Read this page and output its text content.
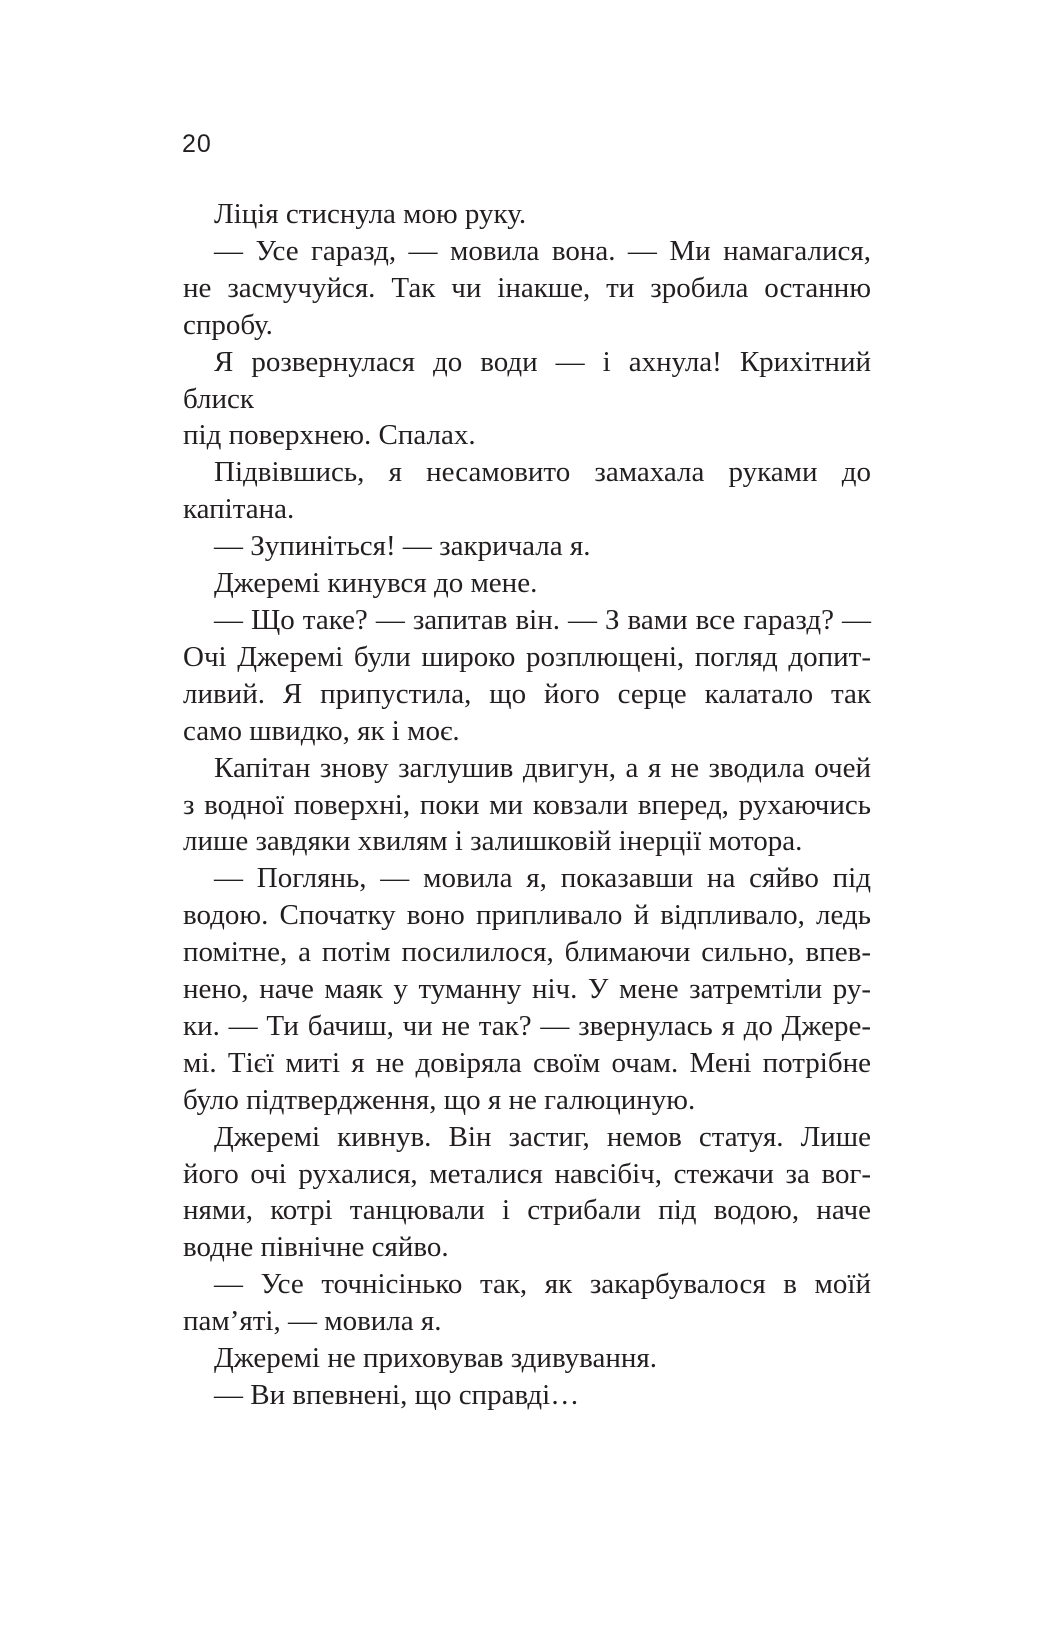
20

Ліція стиснула мою руку.

— Усе гаразд, — мовила вона. — Ми намагалися,
не засмучуйся. Так чи інакше, ти зробила останню
спробу.

Я розвернулася до води — і ахнула! Крихітний блиск
під поверхнею. Спалах.

Підвівшись, я несамовито замахала руками до
капітана.

— Зупиніться! — закричала я.

Джеремі кинувся до мене.

— Що таке? — запитав він. — З вами все гаразд? —
Очі Джеремі були широко розплющені, погляд допит-
ливий. Я припустила, що його серце калатало так
само швидко, як і моє.

Капітан знову заглушив двигун, а я не зводила очей
з водної поверхні, поки ми ковзали вперед, рухаючись
лише завдяки хвилям і залишковій інерції мотора.

— Поглянь, — мовила я, показавши на сяйво під
водою. Спочатку воно припливало й відпливало, ледь
помітне, а потім посилилося, блимаючи сильно, впев-
нено, наче маяк у туманну ніч. У мене затремтіли ру-
ки. — Ти бачиш, чи не так? — звернулась я до Джере-
мі. Тієї миті я не довіряла своїм очам. Мені потрібне
було підтвердження, що я не галюциную.

Джеремі кивнув. Він застиг, немов статуя. Лише
його очі рухалися, металися навсібіч, стежачи за вог-
нями, котрі танцювали і стрибали під водою, наче
водне північне сяйво.

— Усе точнісінько так, як закарбувалося в моїй
пам’яті, — мовила я.

Джеремі не приховував здивування.

— Ви впевнені, що справді…
